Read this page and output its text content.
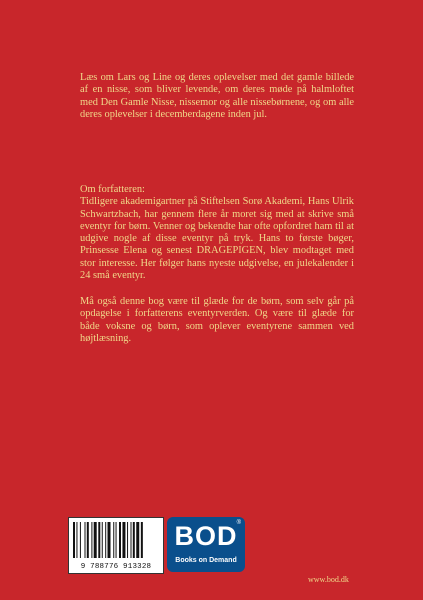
Læs om Lars og Line og deres oplevelser med det gamle billede af en nisse, som bliver levende, om deres møde på halmloftet med Den Gamle Nisse, nissemor og alle nissebørnene, og om alle deres oplevelser i decemberdagene inden jul.

Om forfatteren:

Tidligere akademigartner på Stiftelsen Sorø Akademi, Hans Ulrik Schwartzbach, har gennem flere år moret sig med at skrive små eventyr for børn. Venner og bekendte har ofte opfordret ham til at udgive nogle af disse eventyr på tryk. Hans to første bøger, Prinsesse Elena og senest DRAGEPIGEN, blev modtaget med stor interesse. Her følger hans nyeste udgivelse, en julekalender i 24 små eventyr.

Må også denne bog være til glæde for de børn, som selv går på opdagelse i forfatterens eventyrverden. Og være til glæde for både voksne og børn, som oplever eventyrene sammen ved højtlæsning.

9 788776 913328
BOD ®
Books on Demand
www.bod.dk
